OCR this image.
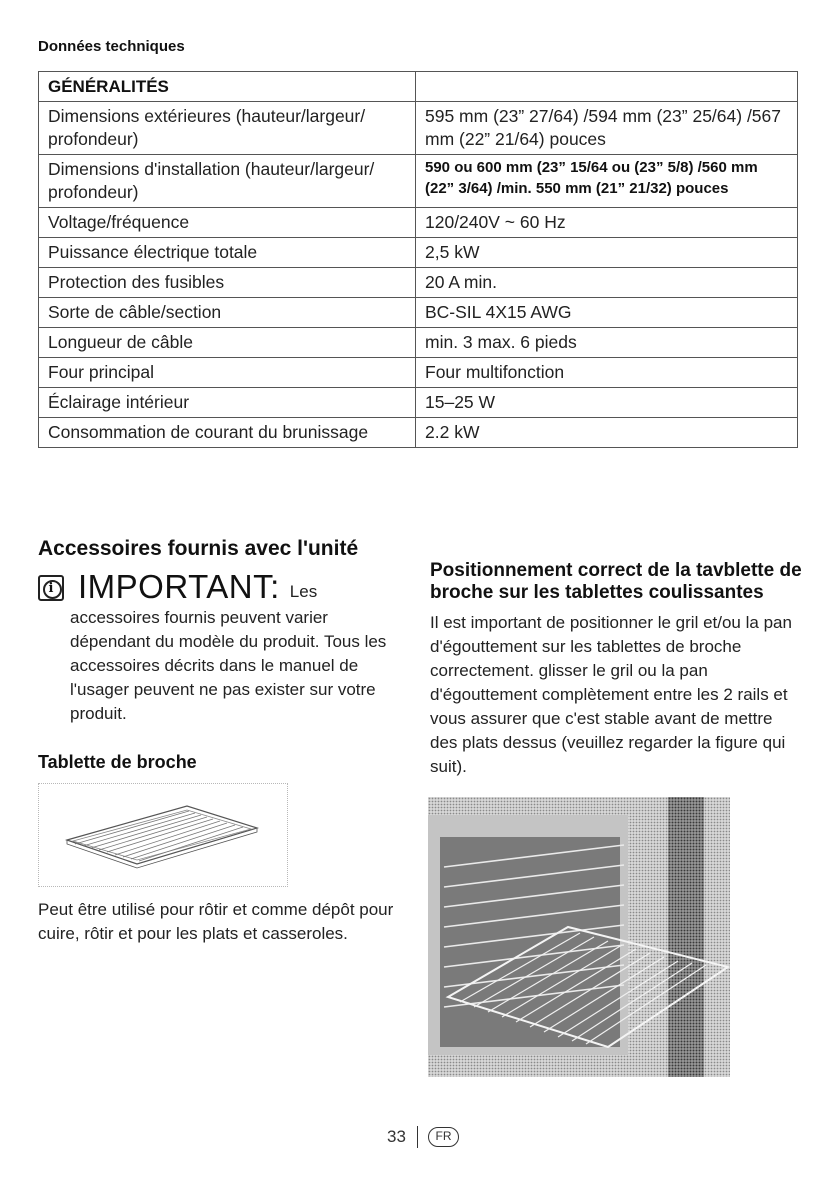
Données techniques
GÉNÉRALITÉS	
Dimensions extérieures (hauteur/largeur/ profondeur)	595 mm (23” 27/64) /594 mm (23” 25/64) /567 mm (22” 21/64) pouces
Dimensions d'installation (hauteur/largeur/ profondeur)	590 ou 600 mm (23” 15/64 ou (23” 5/8) /560 mm (22” 3/64) /min. 550 mm (21” 21/32) pouces
Voltage/fréquence	120/240V ~ 60 Hz
Puissance électrique totale	2,5 kW
Protection des fusibles	20 A min.
Sorte de câble/section	BC-SIL 4X15 AWG
Longueur de câble	min. 3 max. 6 pieds
Four principal	Four multifonction
Éclairage intérieur	15–25 W
Consommation de courant du brunissage	2.2 kW
Accessoires fournis avec l'unité
i IMPORTANT: Les
accessoires fournis peuvent varier dépendant du modèle du produit. Tous les accessoires décrits dans le manuel de l'usager peuvent ne pas exister sur votre produit.
Tablette de broche
Peut être utilisé pour rôtir et comme dépôt pour cuire, rôtir et pour les plats et casseroles.
Positionnement correct de la tavblette de broche sur les tablettes coulissantes
Il est important de positionner le gril et/ou la pan d'égouttement sur les tablettes de broche correctement. glisser le gril ou la pan d'égouttement complètement entre les 2 rails et vous assurer que c'est stable avant de mettre des plats dessus (veuillez regarder la figure qui suit).
33	FR
